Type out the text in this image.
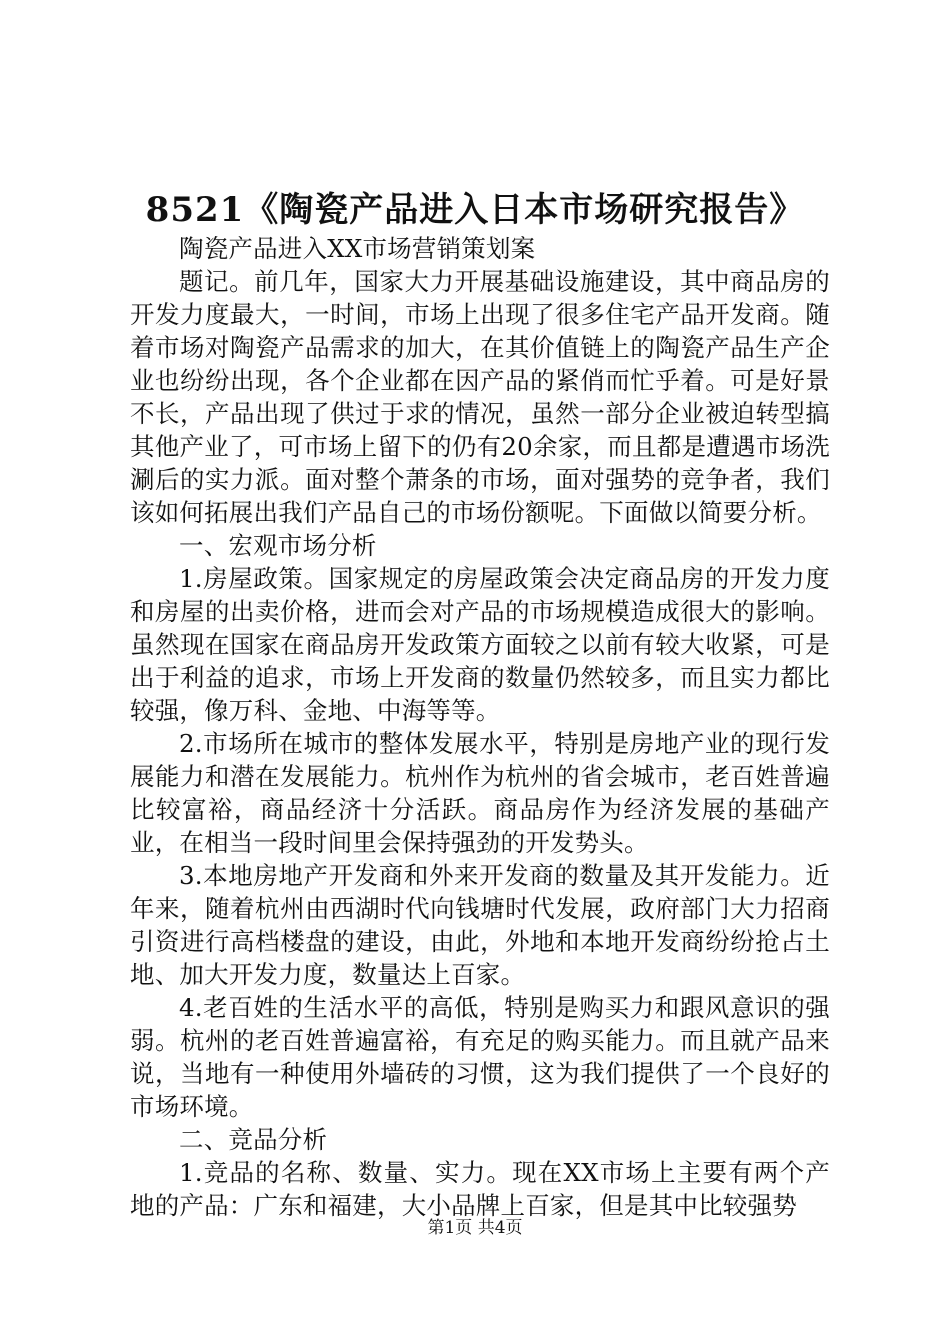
8521《陶瓷产品进入日本市场研究报告》

陶瓷产品进入XX市场营销策划案

题记。前几年，国家大力开展基础设施建设，其中商品房的开发力度最大，一时间，市场上出现了很多住宅产品开发商。随着市场对陶瓷产品需求的加大，在其价值链上的陶瓷产品生产企业也纷纷出现，各个企业都在因产品的紧俏而忙乎着。可是好景不长，产品出现了供过于求的情况，虽然一部分企业被迫转型搞其他产业了，可市场上留下的仍有20余家，而且都是遭遇市场洗涮后的实力派。面对整个萧条的市场，面对强势的竞争者，我们该如何拓展出我们产品自己的市场份额呢。下面做以简要分析。

一、宏观市场分析

1.房屋政策。国家规定的房屋政策会决定商品房的开发力度和房屋的出卖价格，进而会对产品的市场规模造成很大的影响。虽然现在国家在商品房开发政策方面较之以前有较大收紧，可是出于利益的追求，市场上开发商的数量仍然较多，而且实力都比较强，像万科、金地、中海等等。

2.市场所在城市的整体发展水平，特别是房地产业的现行发展能力和潜在发展能力。杭州作为杭州的省会城市，老百姓普遍比较富裕，商品经济十分活跃。商品房作为经济发展的基础产业，在相当一段时间里会保持强劲的开发势头。

3.本地房地产开发商和外来开发商的数量及其开发能力。近年来，随着杭州由西湖时代向钱塘时代发展，政府部门大力招商引资进行高档楼盘的建设，由此，外地和本地开发商纷纷抢占土地、加大开发力度，数量达上百家。

4.老百姓的生活水平的高低，特别是购买力和跟风意识的强弱。杭州的老百姓普遍富裕，有充足的购买能力。而且就产品来说，当地有一种使用外墙砖的习惯，这为我们提供了一个良好的市场环境。

二、竞品分析

1.竞品的名称、数量、实力。现在XX市场上主要有两个产地的产品：广东和福建，大小品牌上百家，但是其中比较强势

第1页 共4页
